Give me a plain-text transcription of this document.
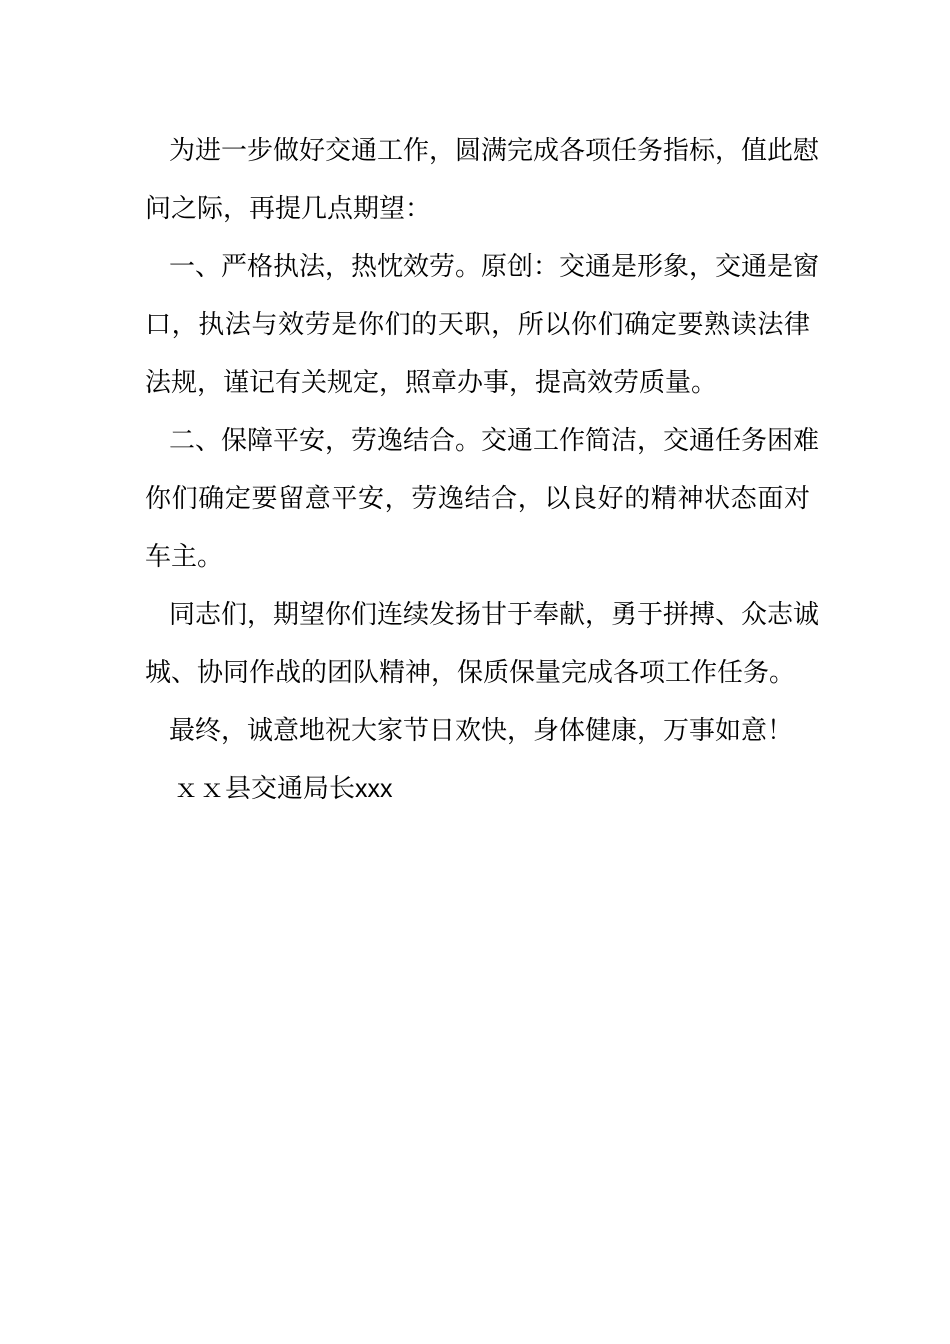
为进一步做好交通工作，圆满完成各项任务指标，值此慰
问之际，再提几点期望：
一、严格执法，热忱效劳。原创：交通是形象，交通是窗
口，执法与效劳是你们的天职，所以你们确定要熟读法律
法规，谨记有关规定，照章办事，提高效劳质量。
二、保障平安，劳逸结合。交通工作简洁，交通任务困难
你们确定要留意平安，劳逸结合，以良好的精神状态面对
车主。
同志们，期望你们连续发扬甘于奉献，勇于拼搏、众志诚
城、协同作战的团队精神，保质保量完成各项工作任务。
最终，诚意地祝大家节日欢快，身体健康，万事如意！
ｘｘ县交通局长xxx
